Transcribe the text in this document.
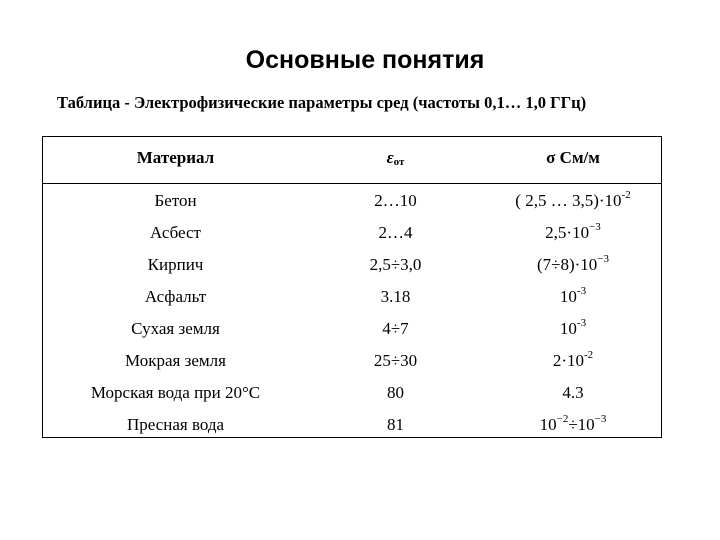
Основные понятия
Таблица - Электрофизические параметры сред (частоты 0,1… 1,0 ГГц)
Материал	ε от	σ См/м
Бетон	2…10	( 2,5 … $3,5)\cdot 10^{-2}$
Асбест	2…4	$2,5\cdot 10^{-3}$
Кирпич	2,5÷3,0	$(7\div 8)\cdot 10^{-3}$
Асфальт	3.18	$10^{-3}$
Сухая земля	4÷7	$10^{-3}$
Мокрая земля	25÷30	$2\cdot 10^{-2}$
Морская вода при 20°C	80	4.3
Пресная вода	81	$10^{-2} \div 10^{-3}$
